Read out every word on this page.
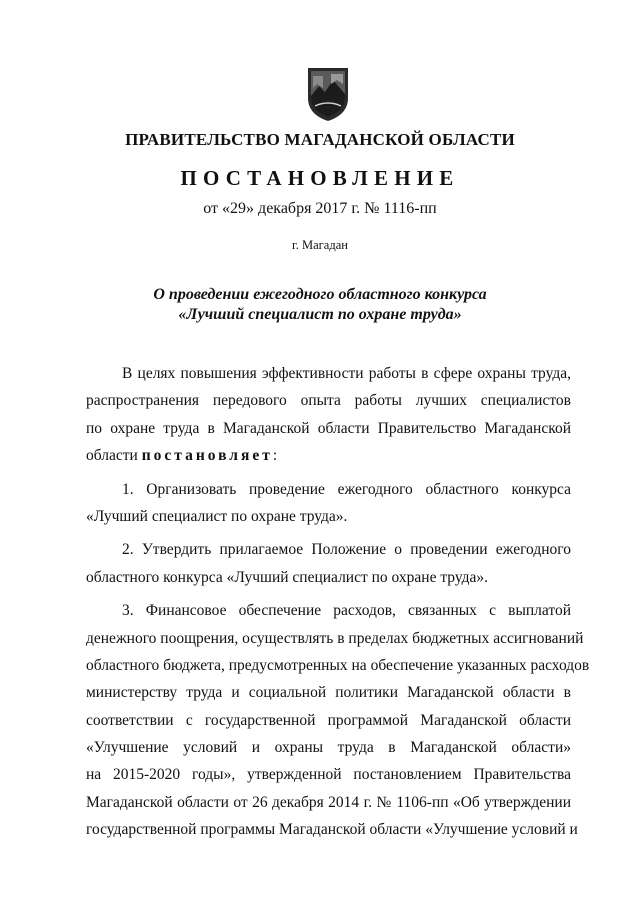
ПРАВИТЕЛЬСТВО МАГАДАНСКОЙ ОБЛАСТИ
ПОСТАНОВЛЕНИЕ
от «29» декабря 2017 г. № 1116-пп
г. Магадан
О проведении ежегодного областного конкурса
«Лучший специалист по охране труда»
В целях повышения эффективности работы в сфере охраны труда,
распространения передового опыта работы лучших специалистов
по охране труда в Магаданской области Правительство Магаданской
области постановляет:
1. Организовать проведение ежегодного областного конкурса
«Лучший специалист по охране труда».
2. Утвердить прилагаемое Положение о проведении ежегодного
областного конкурса «Лучший специалист по охране труда».
3. Финансовое обеспечение расходов, связанных с выплатой
денежного поощрения, осуществлять в пределах бюджетных ассигнований
областного бюджета, предусмотренных на обеспечение указанных расходов
министерству труда и социальной политики Магаданской области в
соответствии с государственной программой Магаданской области
«Улучшение условий и охраны труда в Магаданской области»
на 2015-2020 годы», утвержденной постановлением Правительства
Магаданской области от 26 декабря 2014 г. № 1106-пп «Об утверждении
государственной программы Магаданской области «Улучшение условий и
